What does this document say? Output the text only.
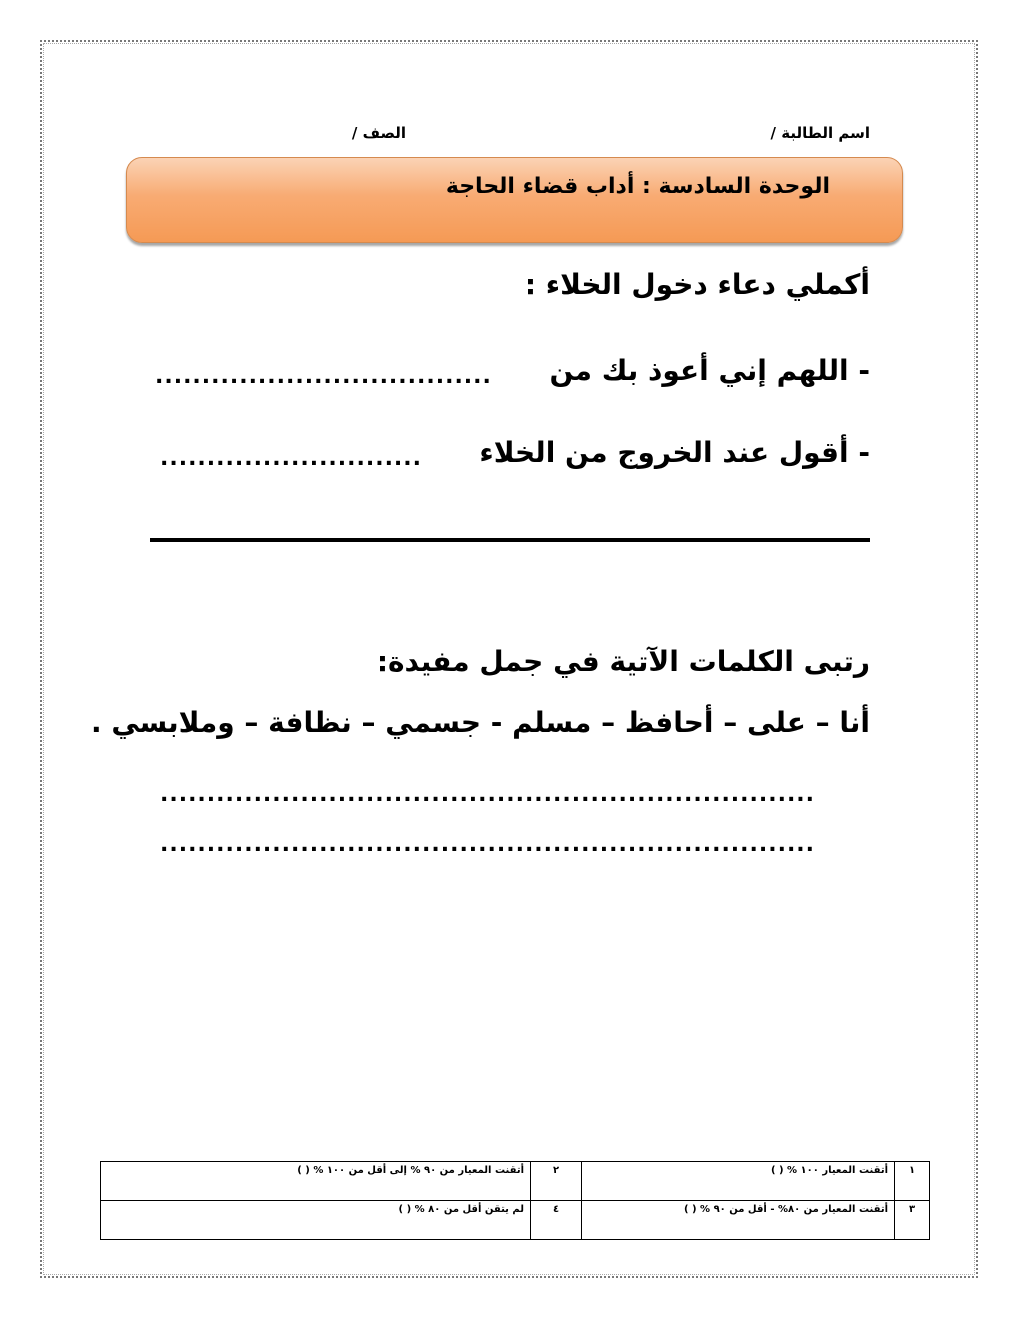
اسم الطالبة /
الصف /
الوحدة السادسة : أداب قضاء الحاجة
أكملي دعاء دخول الخلاء :
- اللهم إني أعوذ بك من
....................................
- أقول عند الخروج من الخلاء
............................
رتبى الكلمات الآتية في جمل مفيدة:
أنا – على – أحافظ – مسلم - جسمي – نظافة – وملابسي .
......................................................................
......................................................................
١	أتقنت المعيار ١٠٠ % ( )	٢	أتقنت المعيار من ٩٠ % إلى أقل من ١٠٠ % ( )
٣	أتقنت المعيار من ٨٠% - أقل من ٩٠ % ( )	٤	لم يتقن أقل من ٨٠ % ( )
